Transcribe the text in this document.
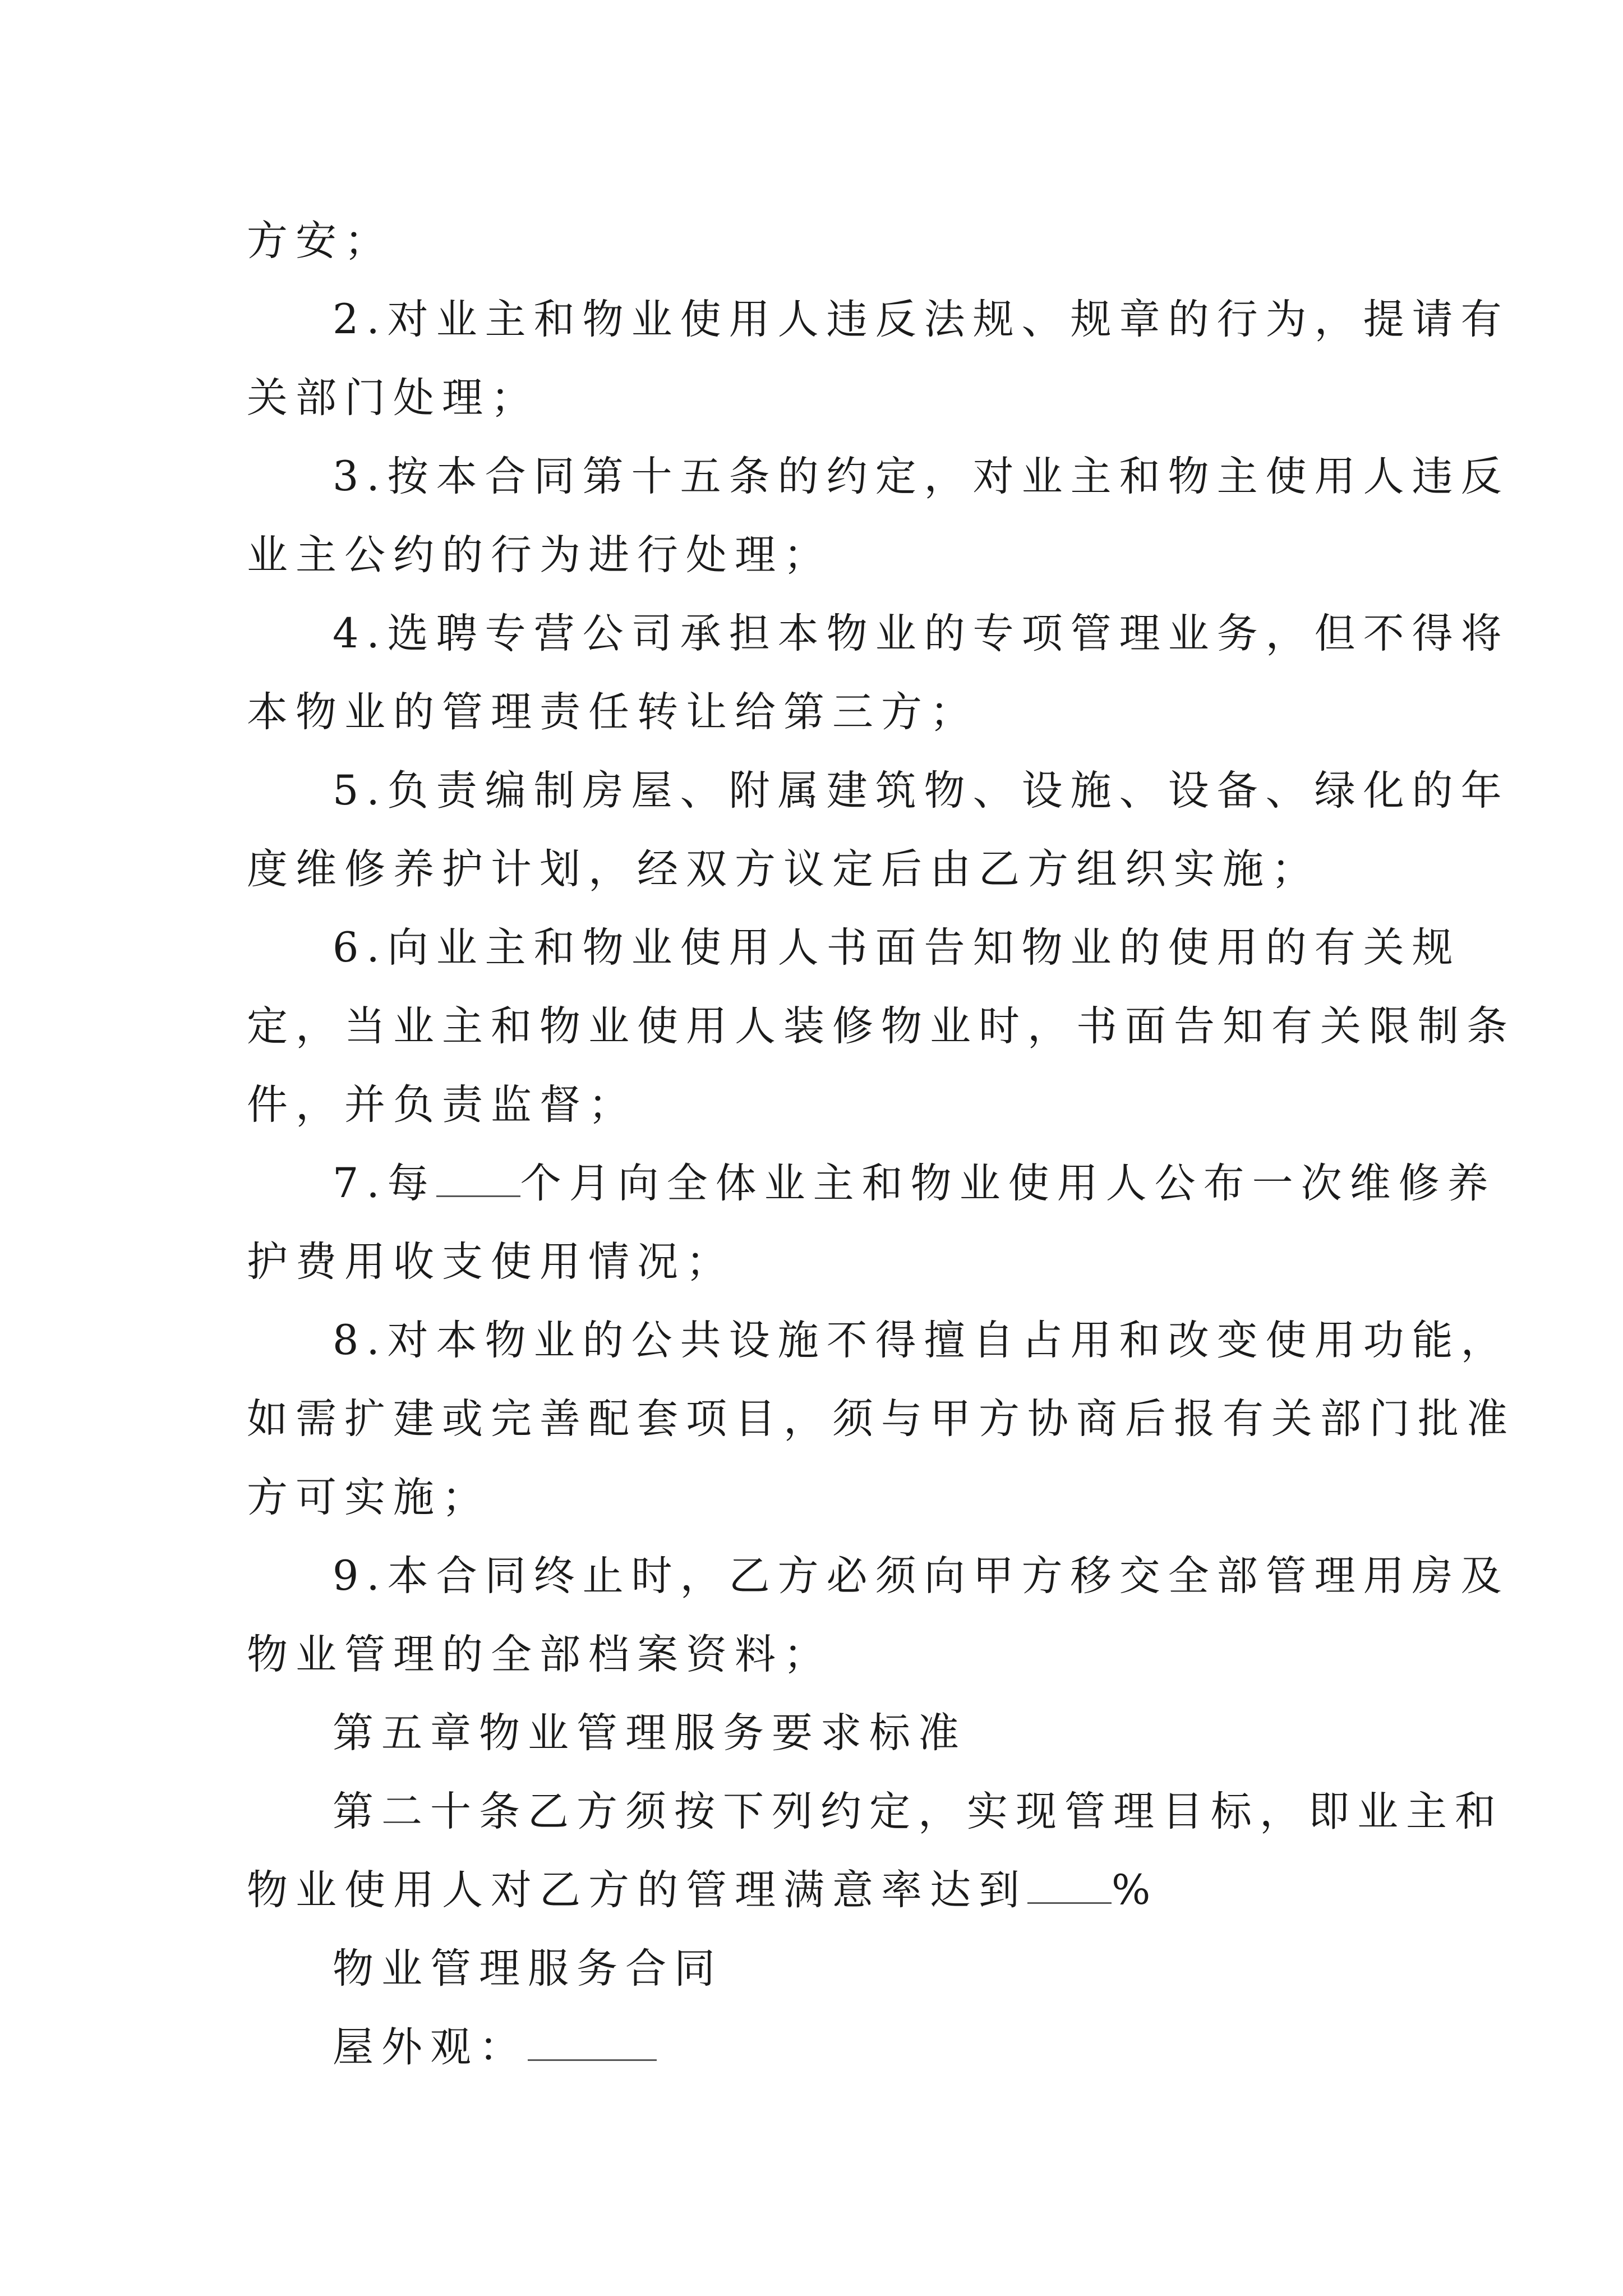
方安；
2.对业主和物业使用人违反法规、规章的行为，提请有
关部门处理；
3.按本合同第十五条的约定，对业主和物主使用人违反
业主公约的行为进行处理；
4.选聘专营公司承担本物业的专项管理业务，但不得将
本物业的管理责任转让给第三方；
5.负责编制房屋、附属建筑物、设施、设备、绿化的年
度维修养护计划，经双方议定后由乙方组织实施；
6.向业主和物业使用人书面告知物业的使用的有关规
定，当业主和物业使用人装修物业时，书面告知有关限制条
件，并负责监督；
7.每 个月向全体业主和物业使用人公布一次维修养
护费用收支使用情况；
8.对本物业的公共设施不得擅自占用和改变使用功能，
如需扩建或完善配套项目，须与甲方协商后报有关部门批准
方可实施；
9.本合同终止时，乙方必须向甲方移交全部管理用房及
物业管理的全部档案资料；
第五章物业管理服务要求标准
第二十条乙方须按下列约定，实现管理目标，即业主和
物业使用人对乙方的管理满意率达到 %
物业管理服务合同
屋外观：
